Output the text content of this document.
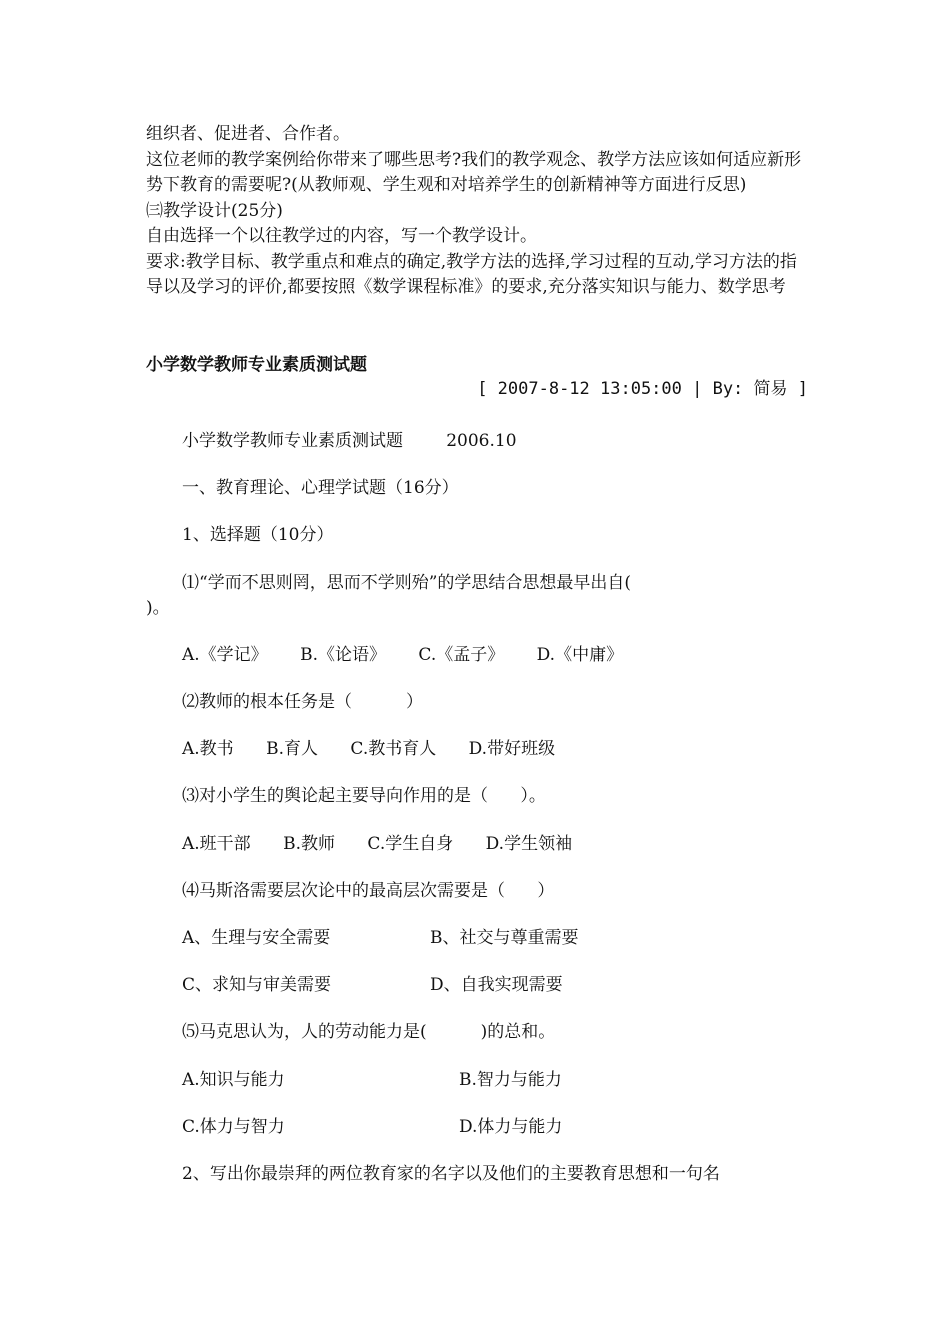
组织者、促进者、合作者。

这位老师的教学案例给你带来了哪些思考?我们的教学观念、教学方法应该如何适应新形势下教育的需要呢?(从教师观、学生观和对培养学生的创新精神等方面进行反思)

㈢教学设计(25分)

自由选择一个以往教学过的内容，写一个教学设计。

要求:教学目标、教学重点和难点的确定,教学方法的选择,学习过程的互动,学习方法的指导以及学习的评价,都要按照《数学课程标准》的要求,充分落实知识与能力、数学思考

小学数学教师专业素质测试题
[ 2007-8-12 13:05:00 | By: 简易 ]

小学数学教师专业素质测试题        2006.10

一、教育理论、心理学试题（16分）

1、选择题（10分）

⑴“学而不思则罔，思而不学则殆”的学思结合思想最早出自(

)。

A.《学记》      B.《论语》      C.《孟子》      D.《中庸》

⑵教师的根本任务是（          ）

A.教书      B.育人      C.教书育人      D.带好班级

⑶对小学生的舆论起主要导向作用的是（      ）。

A.班干部      B.教师      C.学生自身      D.学生领袖

⑷马斯洛需要层次论中的最高层次需要是（      ）

A、生理与安全需要	B、社交与尊重需要
C、求知与审美需要	D、自我实现需要

⑸马克思认为，人的劳动能力是(          )的总和。

A.知识与能力	B.智力与能力
C.体力与智力	D.体力与能力

2、写出你最崇拜的两位教育家的名字以及他们的主要教育思想和一句名
